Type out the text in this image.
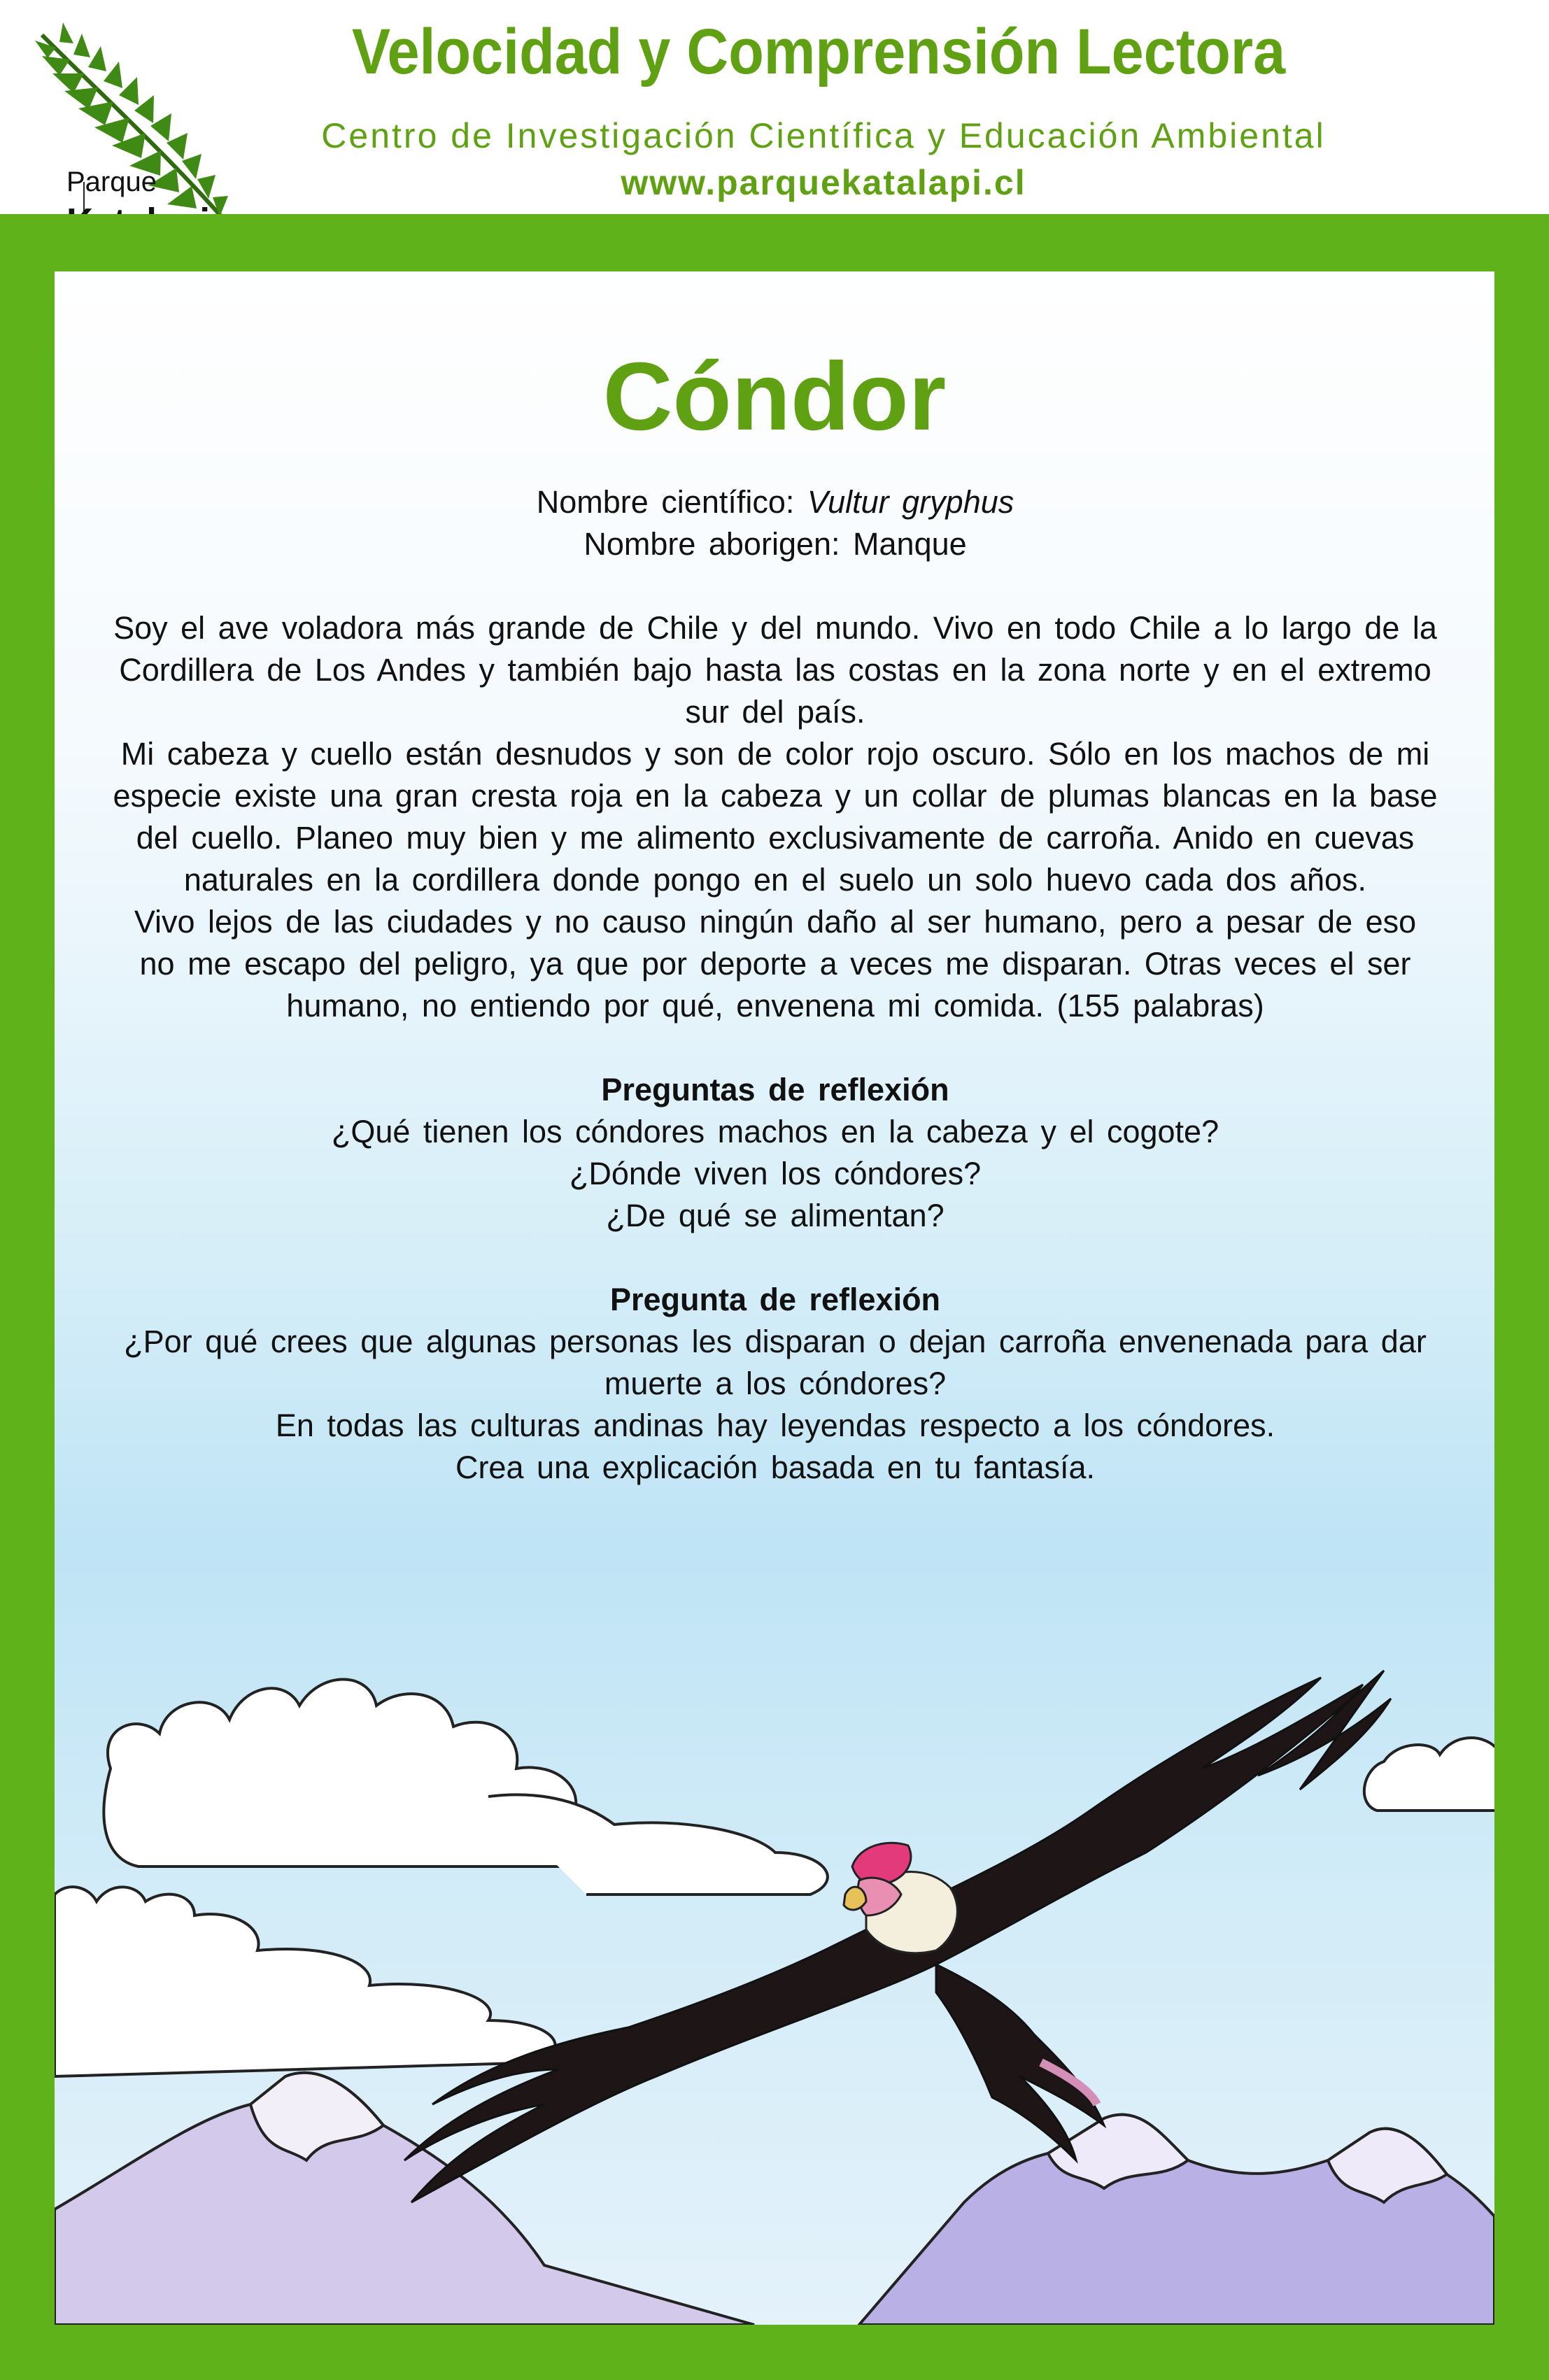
Parque
Velocidad y Comprensión Lectora
Centro de Investigación Científica y Educación Ambiental
www.parquekatalapi.cl
Cóndor

Nombre científico: Vultur gryphus

Nombre aborigen: Manque

Soy el ave voladora más grande de Chile y del mundo. Vivo en todo Chile a lo largo de la Cordillera de Los Andes y también bajo hasta las costas en la zona norte y en el extremo sur del país.

Mi cabeza y cuello están desnudos y son de color rojo oscuro. Sólo en los machos de mi especie existe una gran cresta roja en la cabeza y un collar de plumas blancas en la base del cuello. Planeo muy bien y me alimento exclusivamente de carroña. Anido en cuevas naturales en la cordillera donde pongo en el suelo un solo huevo cada dos años.

Vivo lejos de las ciudades y no causo ningún daño al ser humano, pero a pesar de eso no me escapo del peligro, ya que por deporte a veces me disparan. Otras veces el ser humano, no entiendo por qué, envenena mi comida. (155 palabras)

Preguntas de reflexión

¿Qué tienen los cóndores machos en la cabeza y el cogote?

¿Dónde viven los cóndores?

¿De qué se alimentan?

Pregunta de reflexión

¿Por qué crees que algunas personas les disparan o dejan carroña envenenada para dar muerte a los cóndores?

En todas las culturas andinas hay leyendas respecto a los cóndores.

Crea una explicación basada en tu fantasía.
